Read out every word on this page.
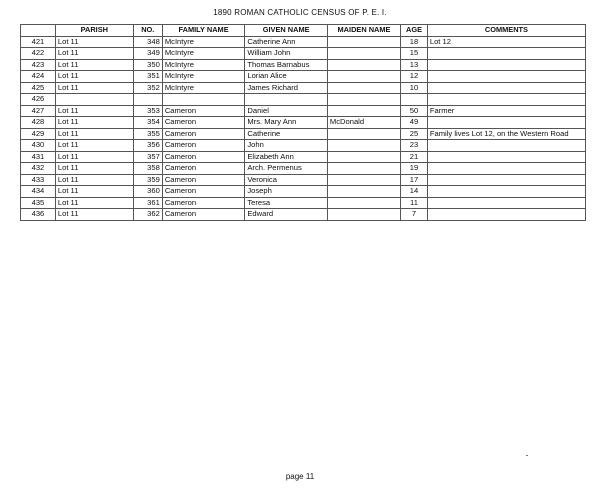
1890 ROMAN CATHOLIC CENSUS OF P. E. I.
	PARISH	NO.	FAMILY NAME	GIVEN NAME	MAIDEN NAME	AGE	COMMENTS
421	Lot 11	348	McIntyre	Catherine Ann		18	Lot 12
422	Lot 11	349	McIntyre	William John		15	
423	Lot 11	350	McIntyre	Thomas Barnabus		13	
424	Lot 11	351	McIntyre	Lorian Alice		12	
425	Lot 11	352	McIntyre	James Richard		10	
426							
427	Lot 11	353	Cameron	Daniel		50	Farmer
428	Lot 11	354	Cameron	Mrs. Mary Ann	McDonald	49	
429	Lot 11	355	Cameron	Catherine		25	Family lives Lot 12, on the Western Road
430	Lot 11	356	Cameron	John		23	
431	Lot 11	357	Cameron	Elizabeth Ann		21	
432	Lot 11	358	Cameron	Arch. Permenus		19	
433	Lot 11	359	Cameron	Veronica		17	
434	Lot 11	360	Cameron	Joseph		14	
435	Lot 11	361	Cameron	Teresa		11	
436	Lot 11	362	Cameron	Edward		7	
page 11
